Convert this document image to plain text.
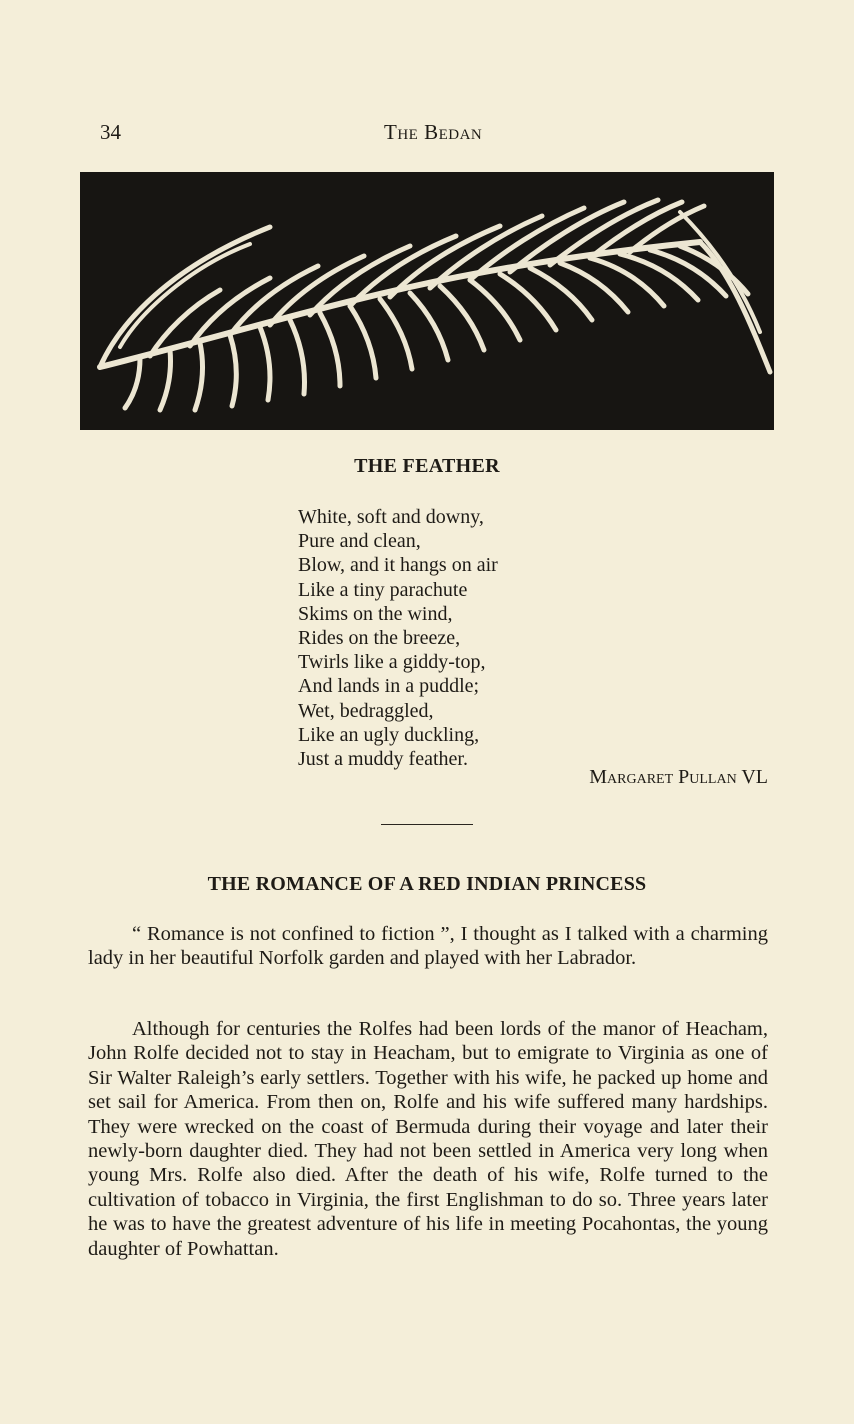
34	The Bedan
THE FEATHER
White, soft and downy,
Pure and clean,
Blow, and it hangs on air
Like a tiny parachute
Skims on the wind,
Rides on the breeze,
Twirls like a giddy-top,
And lands in a puddle;
Wet, bedraggled,
Like an ugly duckling,
Just a muddy feather.
Margaret Pullan VL
THE ROMANCE OF A RED INDIAN PRINCESS

“ Romance is not confined to fiction ”, I thought as I talked with a charming lady in her beautiful Norfolk garden and played with her Labrador.

Although for centuries the Rolfes had been lords of the manor of Heacham, John Rolfe decided not to stay in Heacham, but to emigrate to Virginia as one of Sir Walter Raleigh’s early settlers. Together with his wife, he packed up home and set sail for America. From then on, Rolfe and his wife suffered many hardships. They were wrecked on the coast of Bermuda during their voyage and later their newly-born daughter died. They had not been settled in America very long when young Mrs. Rolfe also died. After the death of his wife, Rolfe turned to the cultivation of tobacco in Virginia, the first Englishman to do so. Three years later he was to have the greatest adventure of his life in meeting Pocahontas, the young daughter of Powhattan.
